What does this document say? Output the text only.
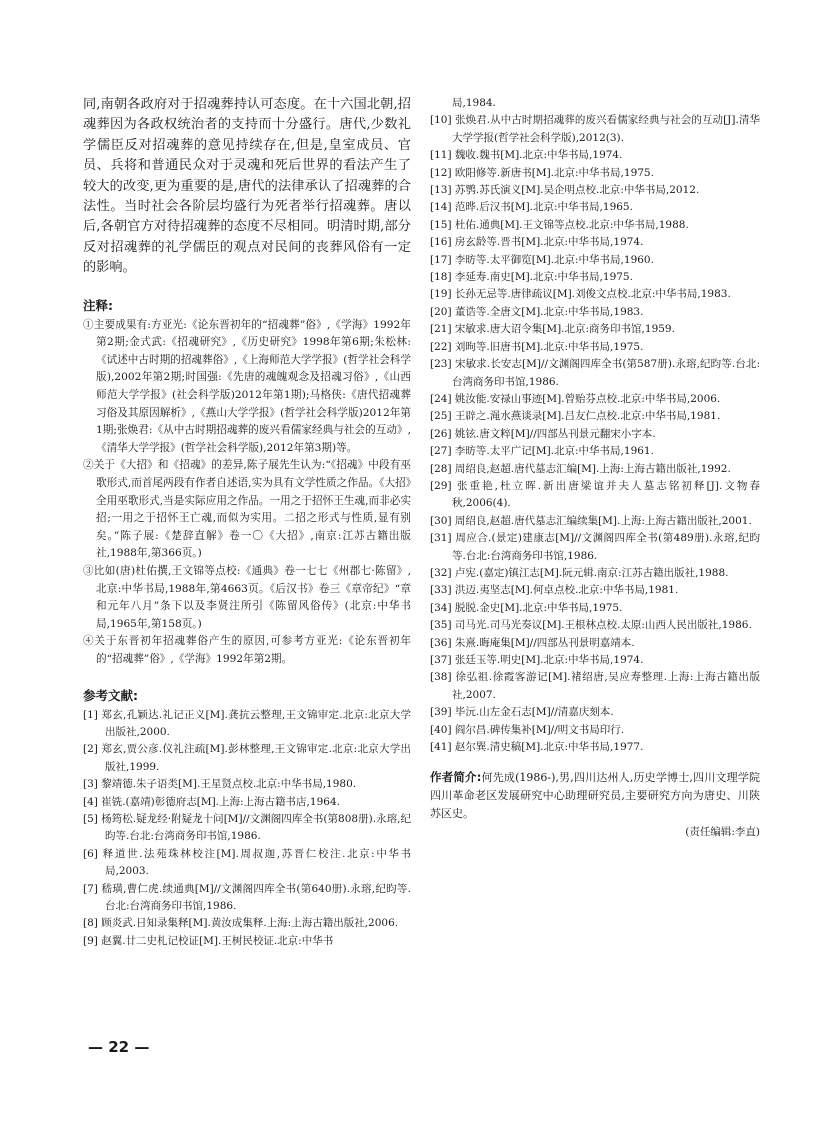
同,南朝各政府对于招魂葬持认可态度。在十六国北朝,招魂葬因为各政权统治者的支持而十分盛行。唐代,少数礼学儒臣反对招魂葬的意见持续存在,但是,皇室成员、官员、兵将和普通民众对于灵魂和死后世界的看法产生了较大的改变,更为重要的是,唐代的法律承认了招魂葬的合法性。当时社会各阶层均盛行为死者举行招魂葬。唐以后,各朝官方对待招魂葬的态度不尽相同。明清时期,部分反对招魂葬的礼学儒臣的观点对民间的丧葬风俗有一定的影响。

注释:

①主要成果有:方亚光:《论东晋初年的“招魂葬”俗》,《学海》1992年第2期;金式武:《招魂研究》,《历史研究》1998年第6期;朱松林:《试述中古时期的招魂葬俗》,《上海师范大学学报》(哲学社会科学版),2002年第2期;时国强:《先唐的魂魄观念及招魂习俗》,《山西师范大学学报》(社会科学版)2012年第1期);马格侠:《唐代招魂葬习俗及其原因解析》,《燕山大学学报》(哲学社会科学版)2012年第1期;张焕君:《从中古时期招魂葬的废兴看儒家经典与社会的互动》,《清华大学学报》(哲学社会科学版),2012年第3期)等。

②关于《大招》和《招魂》的差异,陈子展先生认为:“《招魂》中段有巫歌形式,而首尾两段有作者自述语,实为具有文学性质之作品。《大招》全用巫歌形式,当是实际应用之作品。一用之于招怀王生魂,而非必实招;一用之于招怀王亡魂,而似为实用。二招之形式与性质,显有别矣。”陈子展:《楚辞直解》卷一〇《大招》,南京:江苏古籍出版社,1988年,第366页。)

③比如(唐)杜佑撰,王文锦等点校:《通典》卷一七七《州郡七·陈留》,北京:中华书局,1988年,第4663页。《后汉书》卷三《章帝纪》“章和元年八月”条下以及李贤注所引《陈留风俗传》(北京:中华书局,1965年,第158页。)

④关于东晋初年招魂葬俗产生的原因,可参考方亚光:《论东晋初年的“招魂葬”俗》,《学海》1992年第2期。

参考文献:

[1] 郑玄,孔颖达.礼记正义[M].龚抗云整理,王文锦审定.北京:北京大学出版社,2000.

[2] 郑玄,贾公彦.仪礼注疏[M].彭林整理,王文锦审定.北京:北京大学出版社,1999.

[3] 黎靖德.朱子语类[M].王星贤点校.北京:中华书局,1980.

[4] 崔铣.(嘉靖)彰德府志[M].上海:上海古籍书店,1964.

[5] 杨筠松.疑龙经·附疑龙十问[M]//文渊阁四库全书(第808册).永瑢,纪昀等.台北:台湾商务印书馆,1986.

[6] 释道世.法苑珠林校注[M].周叔迦,苏晋仁校注.北京:中华书局,2003.

[7] 嵇璜,曹仁虎.续通典[M]//文渊阁四库全书(第640册).永瑢,纪昀等.台北:台湾商务印书馆,1986.

[8] 顾炎武.日知录集释[M].黄汝成集释.上海:上海古籍出版社,2006.

[9] 赵翼.廿二史札记校证[M].王树民校证.北京:中华书

局,1984.

[10] 张焕君.从中古时期招魂葬的废兴看儒家经典与社会的互动[J].清华大学学报(哲学社会科学版),2012(3).

[11] 魏收.魏书[M].北京:中华书局,1974.

[12] 欧阳修等.新唐书[M].北京:中华书局,1975.

[13] 苏鹗.苏氏演义[M].吴企明点校.北京:中华书局,2012.

[14] 范晔.后汉书[M].北京:中华书局,1965.

[15] 杜佑.通典[M].王文锦等点校.北京:中华书局,1988.

[16] 房玄龄等.晋书[M].北京:中华书局,1974.

[17] 李昉等.太平御览[M].北京:中华书局,1960.

[18] 李延寿.南史[M].北京:中华书局,1975.

[19] 长孙无忌等.唐律疏议[M].刘俊文点校.北京:中华书局,1983.

[20] 董诰等.全唐文[M].北京:中华书局,1983.

[21] 宋敏求.唐大诏令集[M].北京:商务印书馆,1959.

[22] 刘昫等.旧唐书[M].北京:中华书局,1975.

[23] 宋敏求.长安志[M]//文渊阁四库全书(第587册).永瑢,纪昀等.台北:台湾商务印书馆,1986.

[24] 姚汝能.安禄山事迹[M].曾贻芬点校.北京:中华书局,2006.

[25] 王辟之.渑水燕谈录[M].吕友仁点校.北京:中华书局,1981.

[26] 姚铉.唐文粹[M]//四部丛刊景元翻宋小字本.

[27] 李昉等.太平广记[M].北京:中华书局,1961.

[28] 周绍良,赵超.唐代墓志汇编[M].上海:上海古籍出版社,1992.

[29] 张重艳,杜立晖.新出唐梁谊并夫人墓志铭初释[J].文物春秋,2006(4).

[30] 周绍良,赵超.唐代墓志汇编续集[M].上海:上海古籍出版社,2001.

[31] 周应合.(景定)建康志[M]//文渊阁四库全书(第489册).永瑢,纪昀等.台北:台湾商务印书馆,1986.

[32] 卢宪.(嘉定)镇江志[M].阮元辑.南京:江苏古籍出版社,1988.

[33] 洪迈.夷坚志[M].何卓点校.北京:中华书局,1981.

[34] 脱脱.金史[M].北京:中华书局,1975.

[35] 司马光.司马光奏议[M].王根林点校.太原:山西人民出版社,1986.

[36] 朱熹.晦庵集[M]//四部丛刊景明嘉靖本.

[37] 张廷玉等.明史[M].北京:中华书局,1974.

[38] 徐弘祖.徐霞客游记[M].褚绍唐,吴应寿整理.上海:上海古籍出版社,2007.

[39] 毕沅.山左金石志[M]//清嘉庆刻本.

[40] 阎尔昌.碑传集补[M]//明文书局印行.

[41] 赵尔巽.清史稿[M].北京:中华书局,1977.

作者简介:何先成(1986-),男,四川达州人,历史学博士,四川文理学院四川革命老区发展研究中心助理研究员,主要研究方向为唐史、川陕苏区史。

(责任编辑:李直)

— 22 —
